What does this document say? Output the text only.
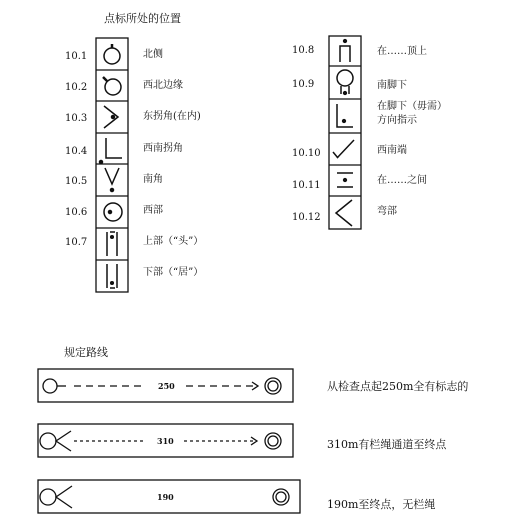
点标所处的位置
10.1
10.2
10.3
10.4
10.5
10.6
10.7
北侧
西北边缘
东拐角(在内)
西南拐角
南角
西部
上部（“头”）
下部（“居”）
10.8
10.9
10.10
10.11
10.12
在……顶上
南脚下
在脚下（毋需）
方向指示
西南端
在……之间
弯部
规定路线
从检查点起250m全有标志的
310m有栏绳通道至终点
190m至终点，无栏绳
250
310
190
